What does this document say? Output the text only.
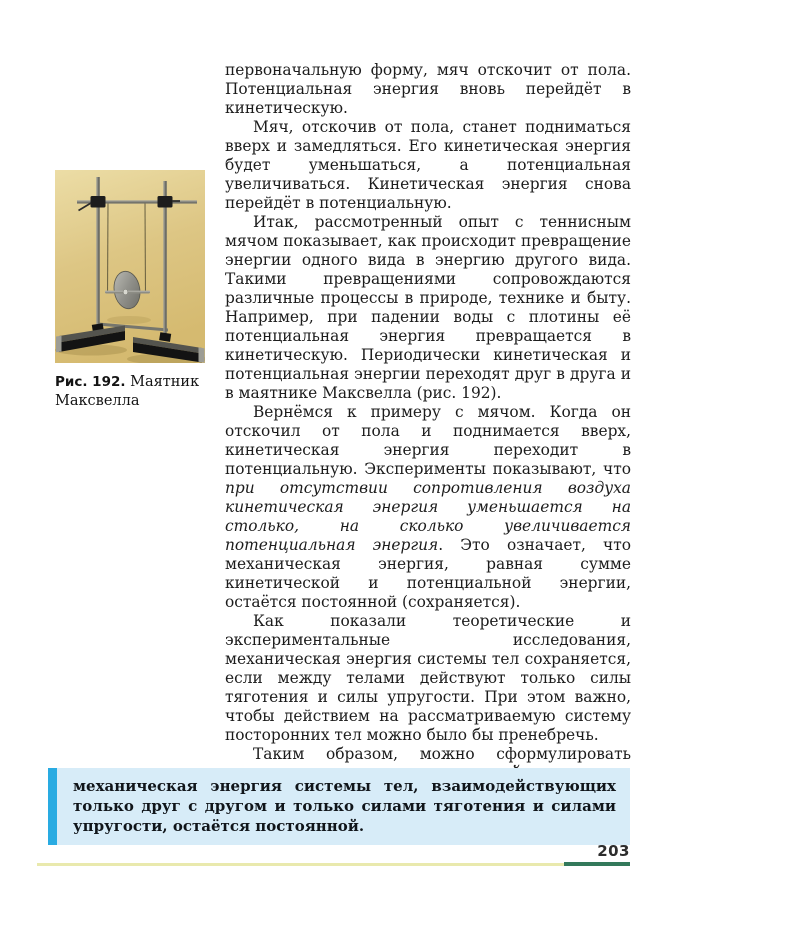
Рис. 192. Маятник Максвелла

первоначальную форму, мяч отскочит от пола. Потенциальная энергия вновь перейдёт в кинетическую.

Мяч, отскочив от пола, станет подниматься вверх и замедляться. Его кинетическая энергия будет уменьшаться, а потенциальная увеличиваться. Кинетическая энергия снова перейдёт в потенциальную.

Итак, рассмотренный опыт с теннисным мячом показывает, как происходит превращение энергии одного вида в энергию другого вида. Такими превращениями сопровождаются различные процессы в природе, технике и быту. Например, при падении воды с плотины её потенциальная энергия превращается в кинетическую. Периодически кинетическая и потенциальная энергии переходят друг в друга и в маятнике Максвелла (рис. 192).

Вернёмся к примеру с мячом. Когда он отскочил от пола и поднимается вверх, кинетическая энергия переходит в потенциальную. Эксперименты показывают, что при отсутствии сопротивления воздуха кинетическая энергия уменьшается на столько, на сколько увеличивается потенциальная энергия. Это означает, что механическая энергия, равная сумме кинетической и потенциальной энергии, остаётся постоянной (сохраняется).

Как показали теоретические и экспериментальные исследования, механическая энергия системы тел сохраняется, если между телами действуют только силы тяготения и силы упругости. При этом важно, чтобы действием на рассматриваемую систему посторонних тел можно было бы пренебречь.

Таким образом, можно сформулировать

механическая энергия системы тел, взаимодействующих только друг с другом и только силами тяготения и силами упругости, остаётся постоянной.

203
